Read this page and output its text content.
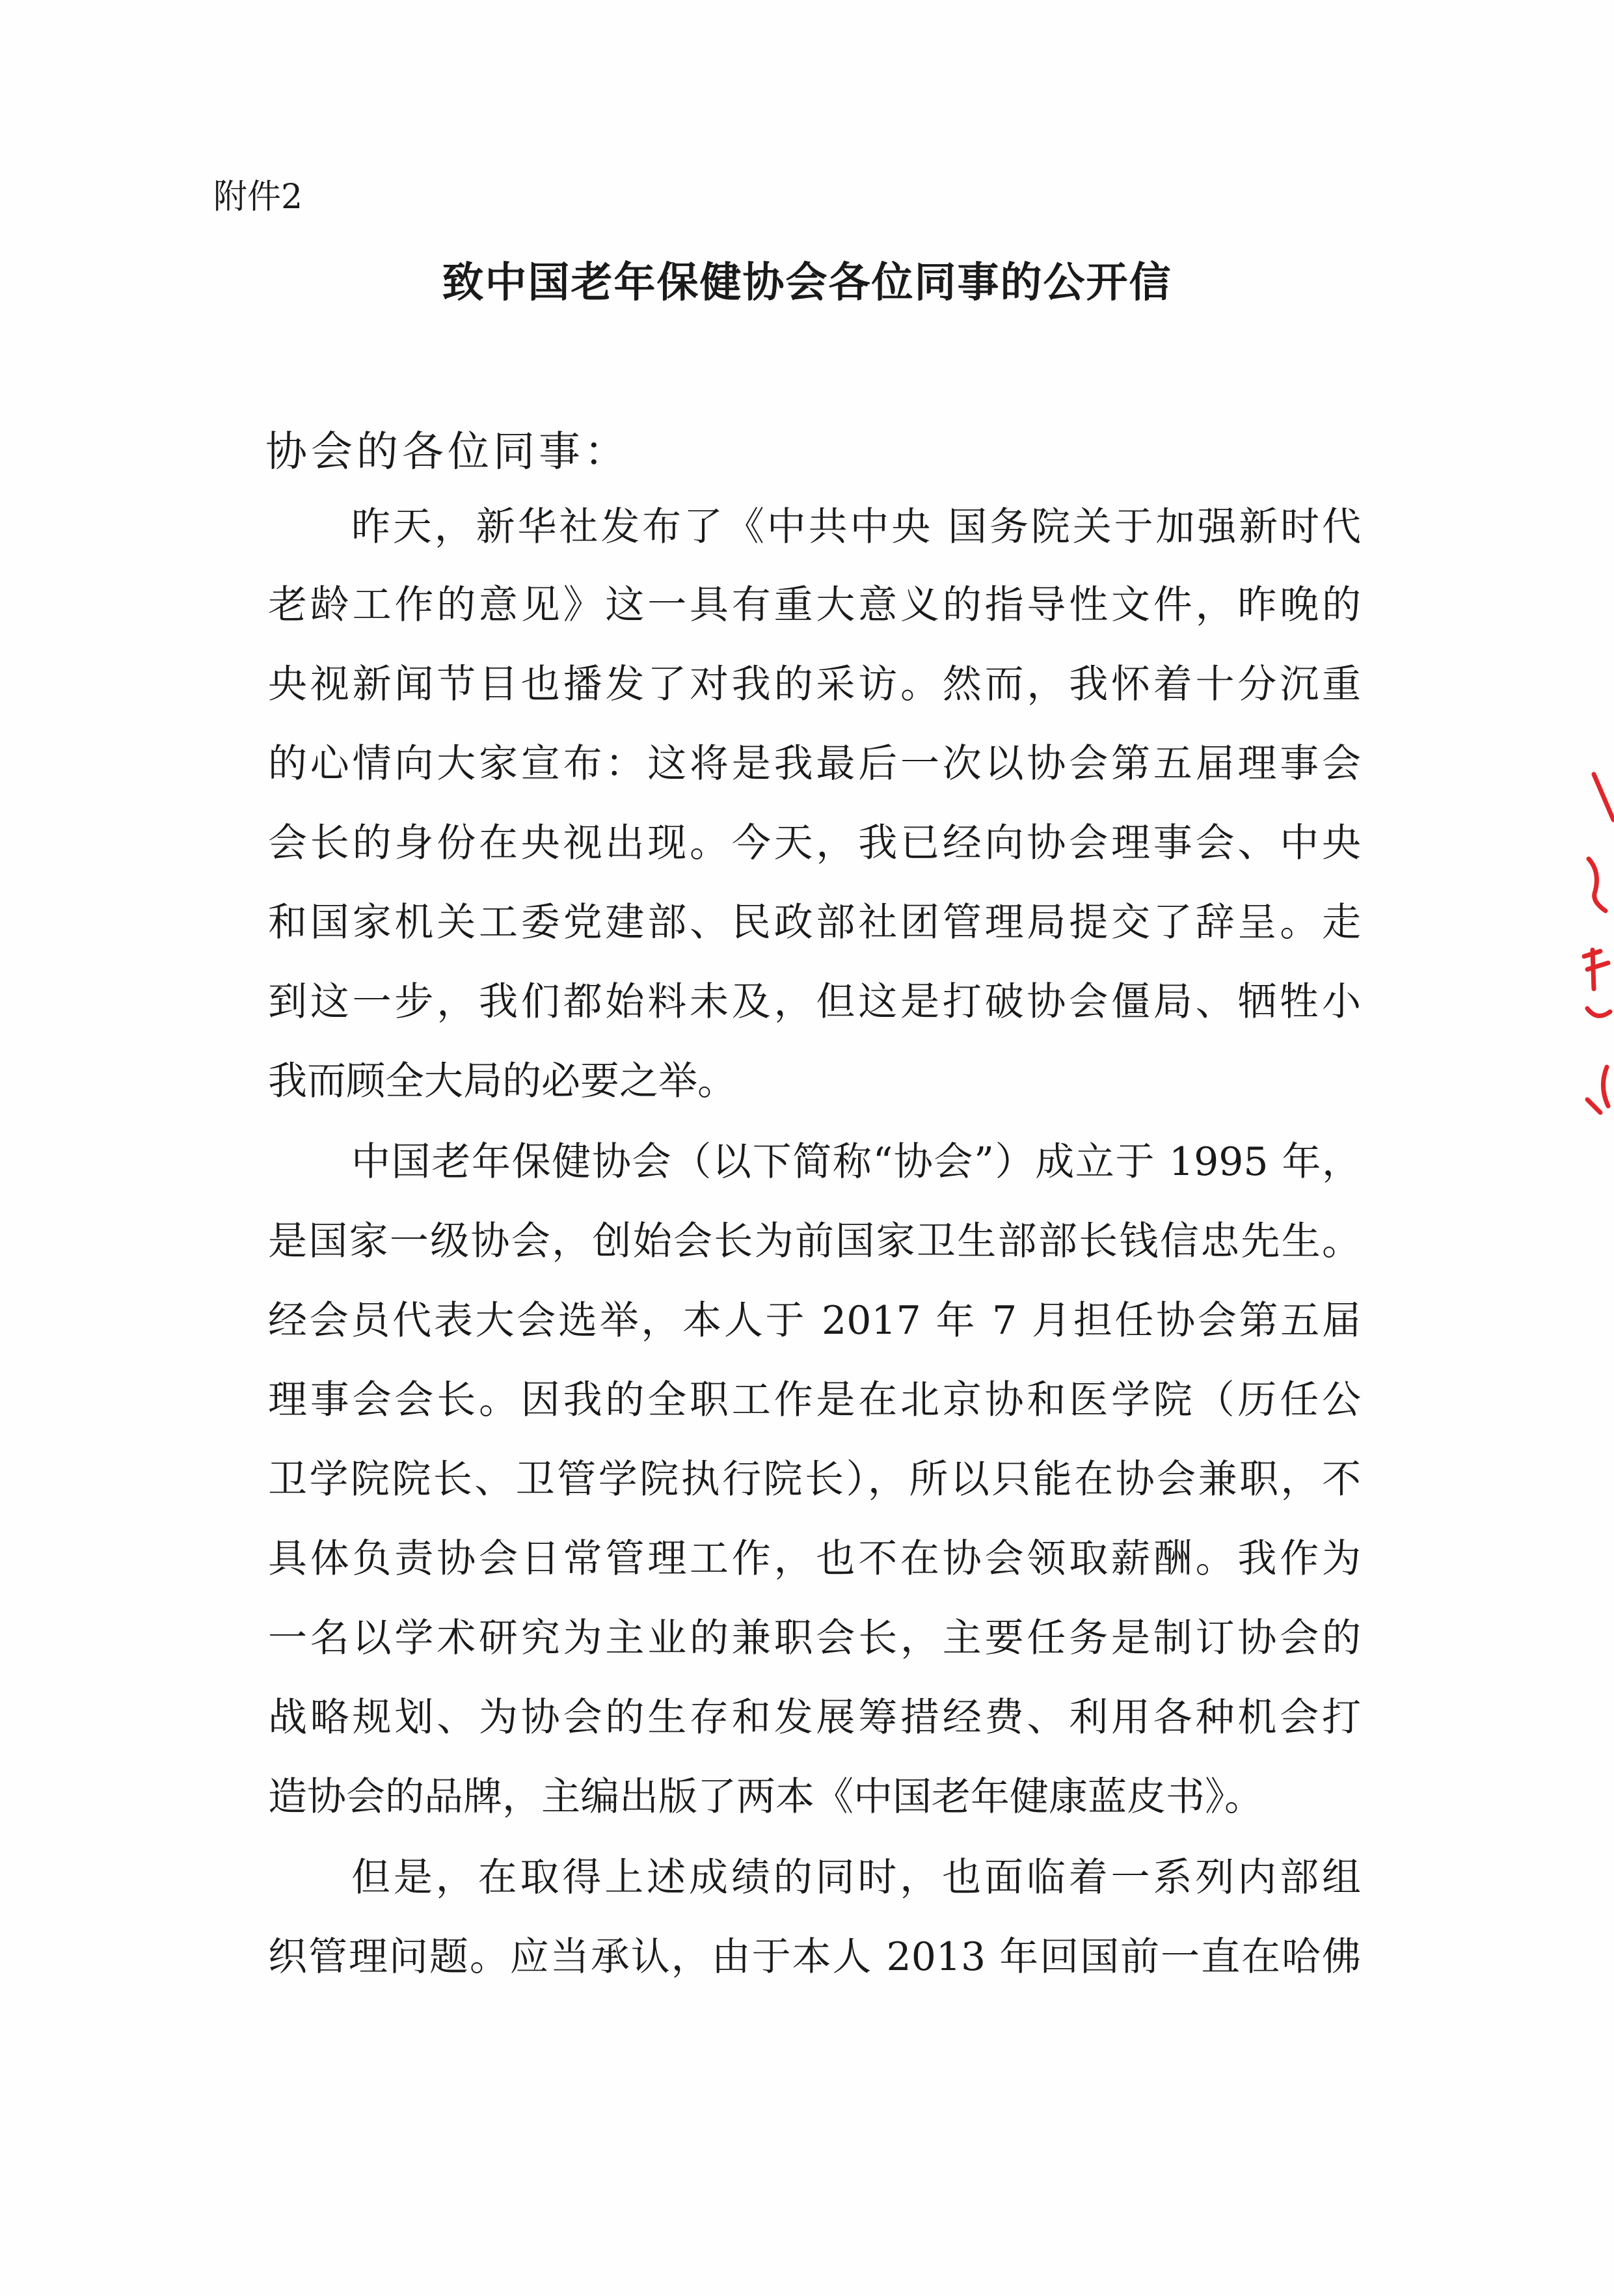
附件2
致中国老年保健协会各位同事的公开信
协会的各位同事：
昨天，新华社发布了《中共中央 国务院关于加强新时代
老龄工作的意见》这一具有重大意义的指导性文件，昨晚的
央视新闻节目也播发了对我的采访。然而，我怀着十分沉重
的心情向大家宣布：这将是我最后一次以协会第五届理事会
会长的身份在央视出现。今天，我已经向协会理事会、中央
和国家机关工委党建部、民政部社团管理局提交了辞呈。走
到这一步，我们都始料未及，但这是打破协会僵局、牺牲小
我而顾全大局的必要之举。
中国老年保健协会（以下简称“协会”）成立于 1995 年，
是国家一级协会，创始会长为前国家卫生部部长钱信忠先生。
经会员代表大会选举，本人于 2017 年 7 月担任协会第五届
理事会会长。因我的全职工作是在北京协和医学院（历任公
卫学院院长、卫管学院执行院长），所以只能在协会兼职，不
具体负责协会日常管理工作，也不在协会领取薪酬。我作为
一名以学术研究为主业的兼职会长，主要任务是制订协会的
战略规划、为协会的生存和发展筹措经费、利用各种机会打
造协会的品牌，主编出版了两本《中国老年健康蓝皮书》。
但是，在取得上述成绩的同时，也面临着一系列内部组
织管理问题。应当承认，由于本人 2013 年回国前一直在哈佛
